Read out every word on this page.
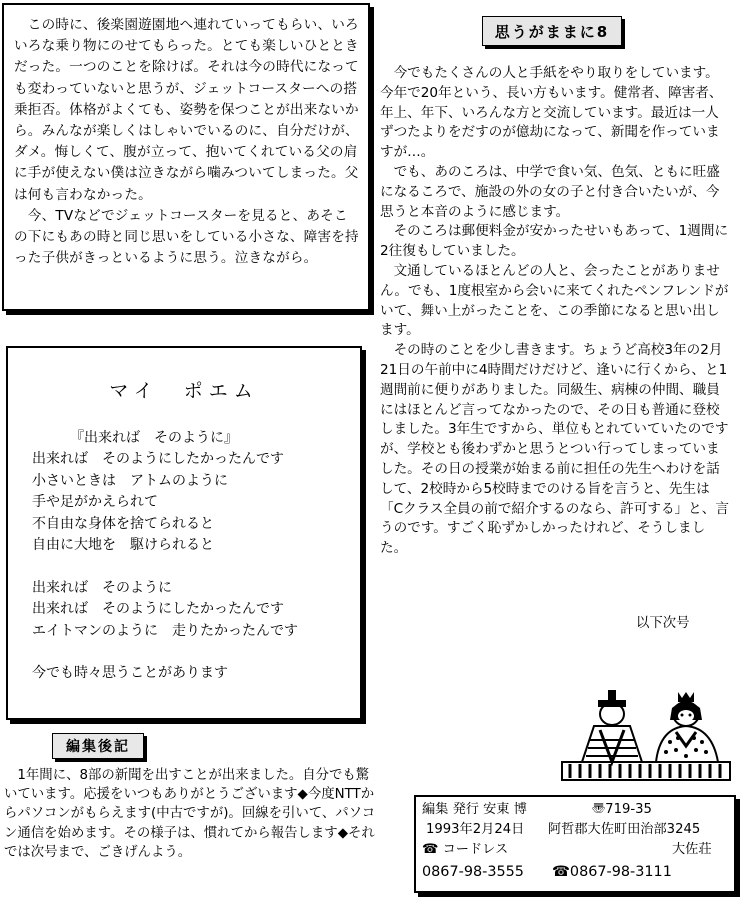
　この時に、後楽園遊園地へ連れていってもらい、いろいろな乗り物にのせてもらった。とても楽しいひとときだった。一つのことを除けば。それは今の時代になっても変わっていないと思うが、ジェットコースターへの搭乗拒否。体格がよくても、姿勢を保つことが出来ないから。みんなが楽しくはしゃいでいるのに、自分だけが、ダメ。悔しくて、腹が立って、抱いてくれている父の肩に手が使えない僕は泣きながら噛みついてしまった。父は何も言わなかった。

　今、TVなどでジェットコースターを見ると、あそこの下にもあの時と同じ思いをしている小さな、障害を持った子供がきっといるように思う。泣きながら。

マイ　ポエム
『出来れば　そのように』
出来れば　そのようにしたかったんです
小さいときは　アトムのように
手や足がかえられて
不自由な身体を捨てられると
自由に大地を　駆けられると
出来れば　そのように
出来れば　そのようにしたかったんです
エイトマンのように　走りたかったんです
今でも時々思うことがあります
編集後記

　1年間に、8部の新聞を出すことが出来ました。自分でも驚いています。応援をいつもありがとうございます◆今度NTTからパソコンがもらえます(中古ですが)。回線を引いて、パソコン通信を始めます。その様子は、慣れてから報告します◆それでは次号まで、ごきげんよう。

思うがままに8

　今でもたくさんの人と手紙をやり取りをしています。今年で20年という、長い方もいます。健常者、障害者、年上、年下、いろんな方と交流しています。最近は一人ずつたよりをだすのが億劫になって、新聞を作っていますが…。

　でも、あのころは、中学で食い気、色気、ともに旺盛になるころで、施設の外の女の子と付き合いたいが、今思うと本音のように感じます。

　そのころは郵便料金が安かったせいもあって、1週間に2往復もしていました。

　文通しているほとんどの人と、会ったことがありません。でも、1度根室から会いに来てくれたペンフレンドがいて、舞い上がったことを、この季節になると思い出します。

　その時のことを少し書きます。ちょうど高校3年の2月21日の午前中に4時間だけだけど、逢いに行くから、と1週間前に便りがありました。同級生、病棟の仲間、職員にはほとんど言ってなかったので、その日も普通に登校しました。3年生ですから、単位もとれていていたのですが、学校とも後わずかと思うとつい行ってしまっていました。その日の授業が始まる前に担任の先生へわけを話して、2校時から5校時までのける旨を言うと、先生は「Cクラス全員の前で紹介するのなら、許可する」と、言うのです。すごく恥ずかしかったけれど、そうしました。

以下次号
編集 発行 安東 博	〠719-35
1993年2月24日 阿哲郡大佐町田治部3245
☎ コードレス	大佐荘
0867-98-3555 ☎0867-98-3111
